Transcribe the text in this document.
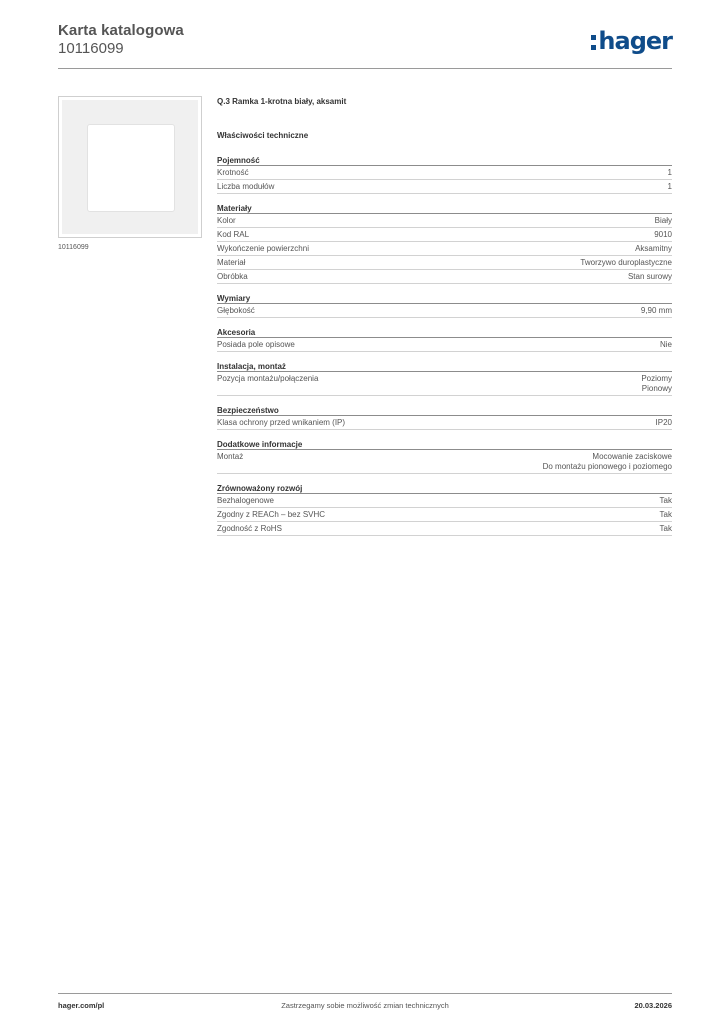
Karta katalogowa
10116099	hager
10116099
Q.3 Ramka 1-krotna biały, aksamit
Właściwości techniczne
Pojemność
Krotność	1
Liczba modułów	1
Materiały
Kolor	Biały
Kod RAL	9010
Wykończenie powierzchni	Aksamitny
Materiał	Tworzywo duroplastyczne
Obróbka	Stan surowy
Wymiary
Głębokość	9,90 mm
Akcesoria
Posiada pole opisowe	Nie
Instalacja, montaż
Pozycja montażu/połączenia	Poziomy
Pionowy
Bezpieczeństwo
Klasa ochrony przed wnikaniem (IP)	IP20
Dodatkowe informacje
Montaż	Mocowanie zaciskowe
Do montażu pionowego i poziomego
Zrównoważony rozwój
Bezhalogenowe	Tak
Zgodny z REACh – bez SVHC	Tak
Zgodność z RoHS	Tak
hager.com/pl	Zastrzegamy sobie możliwość zmian technicznych	20.03.2026
